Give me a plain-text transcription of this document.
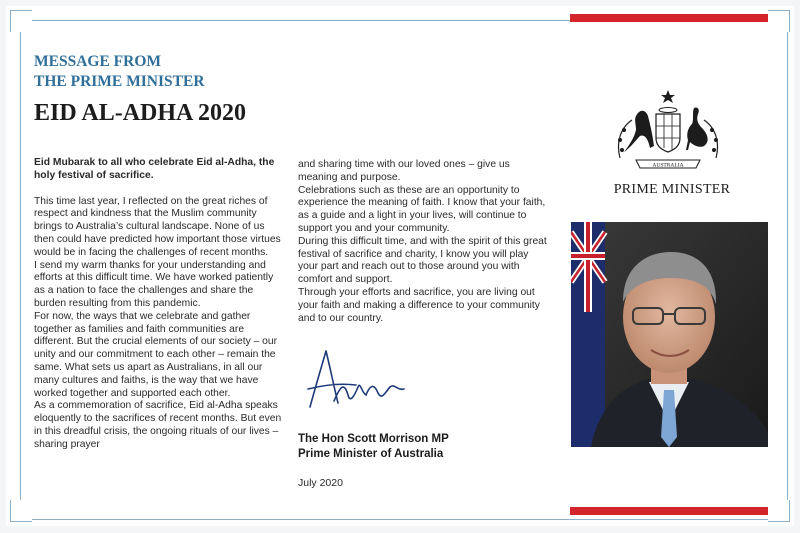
MESSAGE FROM
THE PRIME MINISTER
EID AL-ADHA 2020

Eid Mubarak to all who celebrate Eid al-Adha, the holy festival of sacrifice.

This time last year, I reflected on the great riches of respect and kindness that the Muslim community brings to Australia’s cultural landscape. None of us then could have predicted how important those virtues would be in facing the challenges of recent months.

I send my warm thanks for your understanding and efforts at this difficult time. We have worked patiently as a nation to face the challenges and share the burden resulting from this pandemic.

For now, the ways that we celebrate and gather together as families and faith communities are different. But the crucial elements of our society – our unity and our commitment to each other – remain the same. What sets us apart as Australians, in all our many cultures and faiths, is the way that we have worked together and supported each other.

As a commemoration of sacrifice, Eid al-Adha speaks eloquently to the sacrifices of recent months. But even in this dreadful crisis, the ongoing rituals of our lives – sharing prayer

and sharing time with our loved ones – give us meaning and purpose.

Celebrations such as these are an opportunity to experience the meaning of faith. I know that your faith, as a guide and a light in your lives, will continue to support you and your community.

During this difficult time, and with the spirit of this great festival of sacrifice and charity, I know you will play your part and reach out to those around you with comfort and support.

Through your efforts and sacrifice, you are living out your faith and making a difference to your community and to our country.

The Hon Scott Morrison MP
Prime Minister of Australia
July 2020
AUSTRALIA
PRIME MINISTER
